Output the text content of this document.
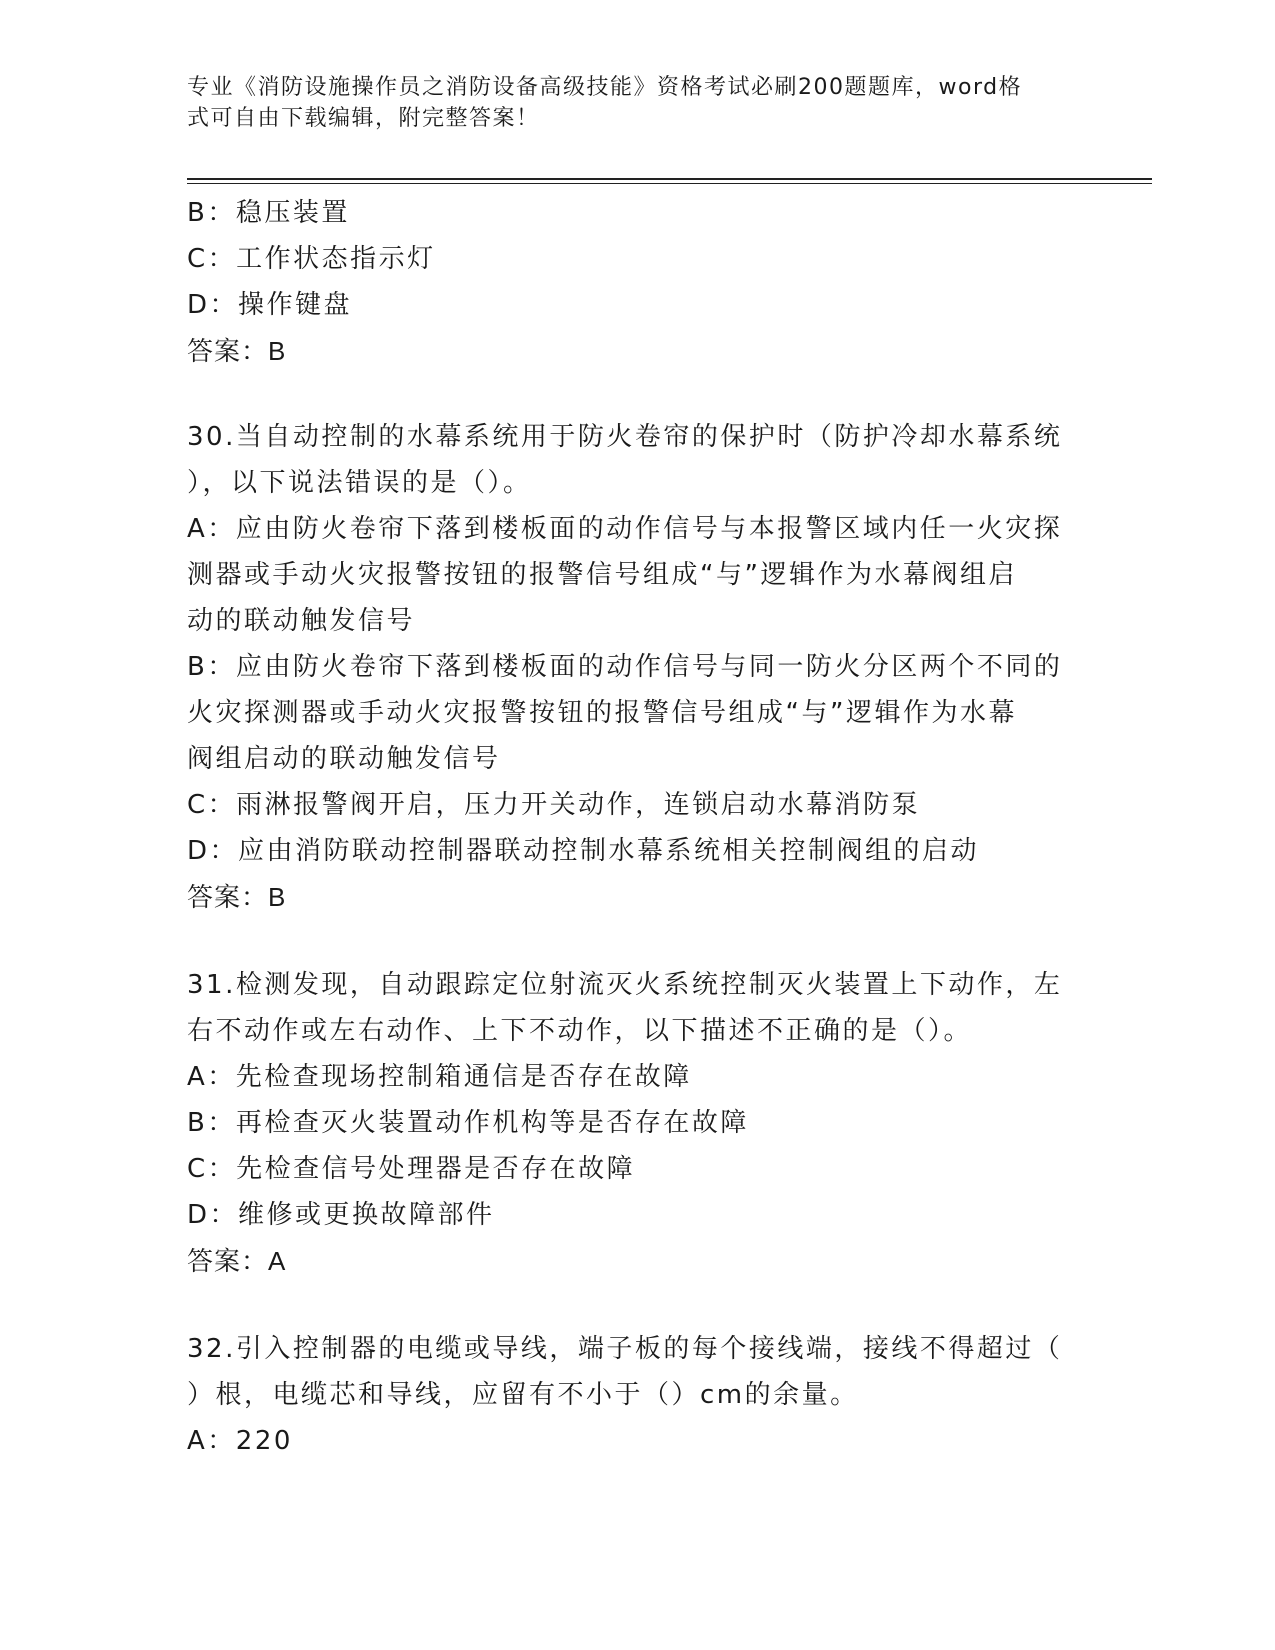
专业《消防设施操作员之消防设备高级技能》资格考试必刷200题题库，word格
式可自由下载编辑，附完整答案！
B：稳压装置
C：工作状态指示灯
D：操作键盘
答案：B
30.当自动控制的水幕系统用于防火卷帘的保护时（防护冷却水幕系统
），以下说法错误的是（）。
A：应由防火卷帘下落到楼板面的动作信号与本报警区域内任一火灾探
测器或手动火灾报警按钮的报警信号组成“与”逻辑作为水幕阀组启
动的联动触发信号
B：应由防火卷帘下落到楼板面的动作信号与同一防火分区两个不同的
火灾探测器或手动火灾报警按钮的报警信号组成“与”逻辑作为水幕
阀组启动的联动触发信号
C：雨淋报警阀开启，压力开关动作，连锁启动水幕消防泵
D：应由消防联动控制器联动控制水幕系统相关控制阀组的启动
答案：B
31.检测发现，自动跟踪定位射流灭火系统控制灭火装置上下动作，左
右不动作或左右动作、上下不动作，以下描述不正确的是（）。
A：先检查现场控制箱通信是否存在故障
B：再检查灭火装置动作机构等是否存在故障
C：先检查信号处理器是否存在故障
D：维修或更换故障部件
答案：A
32.引入控制器的电缆或导线，端子板的每个接线端，接线不得超过（
）根，电缆芯和导线，应留有不小于（）cm的余量。
A：220
